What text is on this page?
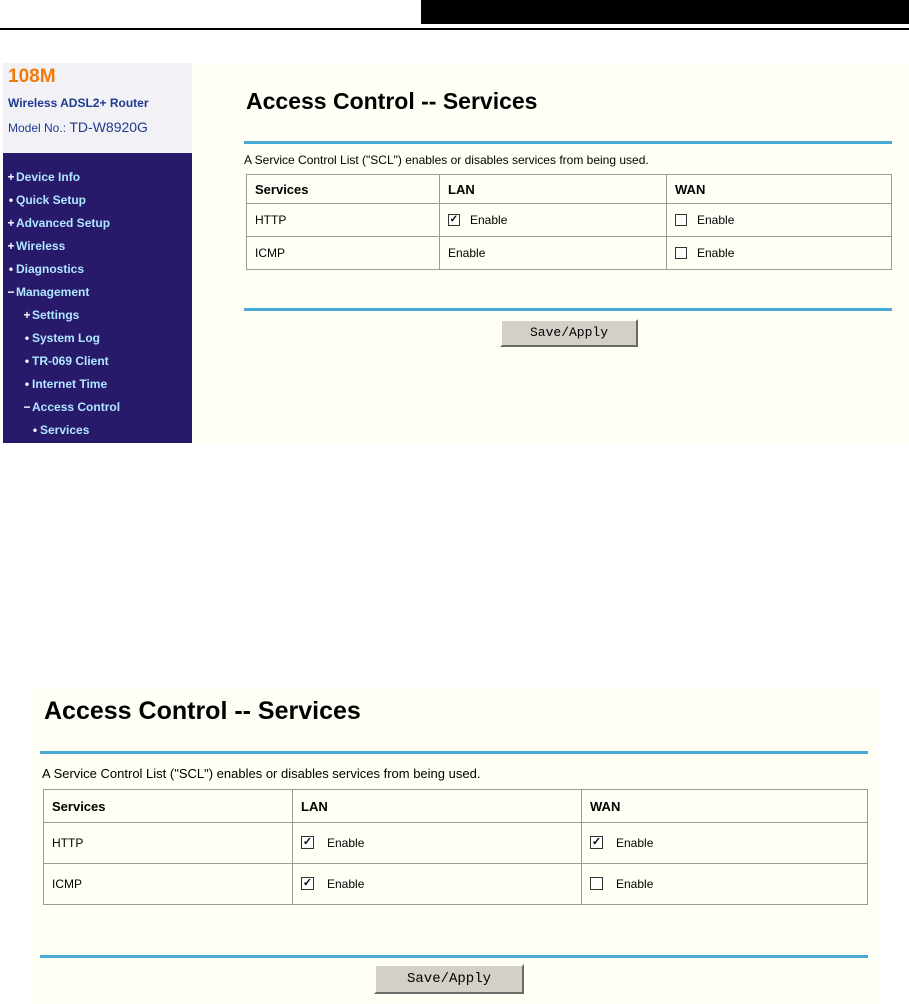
108M
Wireless ADSL2+ Router
Model No.: TD-W8920G
+ Device Info
• Quick Setup
+ Advanced Setup
+ Wireless
• Diagnostics
− Management
+ Settings
• System Log
• TR-069 Client
• Internet Time
− Access Control
• Services
Access Control -- Services
A Service Control List ("SCL") enables or disables services from being used.
Services	LAN	WAN
HTTP	✓ Enable	Enable
ICMP	Enable	Enable
Save/Apply
Access Control -- Services
A Service Control List ("SCL") enables or disables services from being used.
Services	LAN	WAN
HTTP	✓ Enable	✓ Enable
ICMP	✓ Enable	Enable
Save/Apply
